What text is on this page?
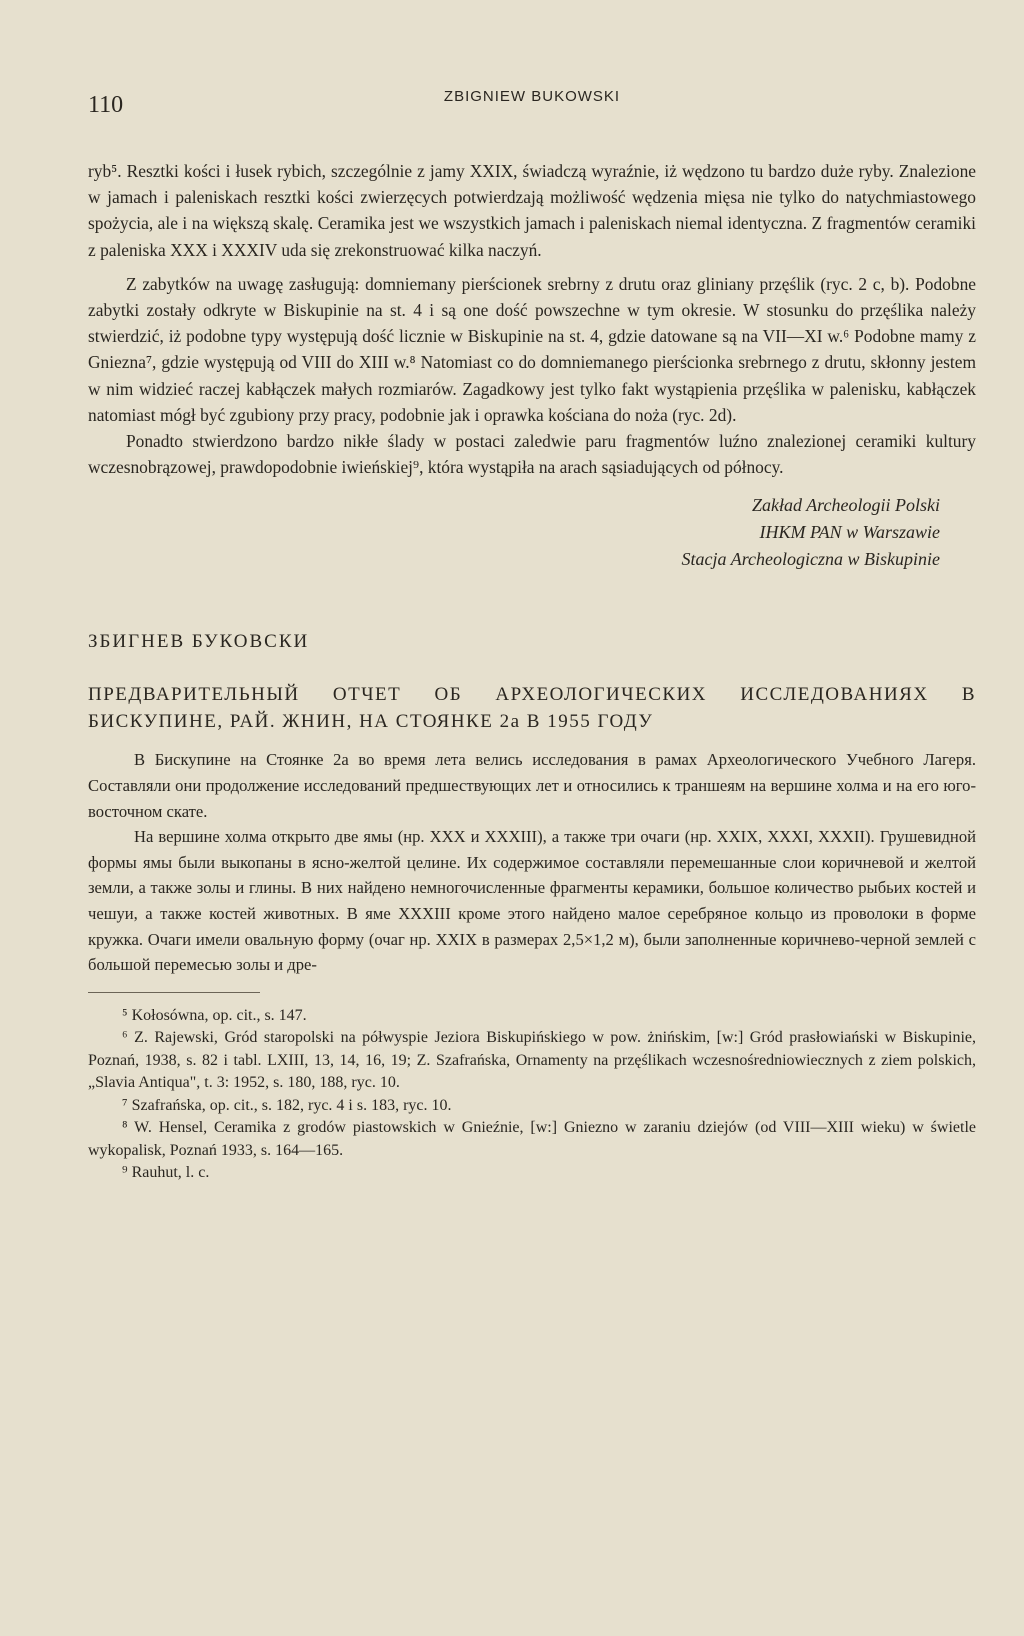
110	ZBIGNIEW BUKOWSKI

ryb⁵. Resztki kości i łusek rybich, szczególnie z jamy XXIX, świadczą wyraźnie, iż wędzono tu bardzo duże ryby. Znalezione w jamach i paleniskach resztki kości zwierzęcych potwierdzają możliwość wędzenia mięsa nie tylko do natychmiastowego spożycia, ale i na większą skalę. Ceramika jest we wszystkich jamach i paleniskach niemal identyczna. Z fragmentów ceramiki z paleniska XXX i XXXIV uda się zrekonstruować kilka naczyń.

Z zabytków na uwagę zasługują: domniemany pierścionek srebrny z drutu oraz gliniany przęślik (ryc. 2 c, b). Podobne zabytki zostały odkryte w Biskupinie na st. 4 i są one dość powszechne w tym okresie. W stosunku do przęślika należy stwierdzić, iż podobne typy występują dość licznie w Biskupinie na st. 4, gdzie datowane są na VII—XI w.⁶ Podobne mamy z Gniezna⁷, gdzie występują od VIII do XIII w.⁸ Natomiast co do domniemanego pierścionka srebrnego z drutu, skłonny jestem w nim widzieć raczej kabłączek małych rozmiarów. Zagadkowy jest tylko fakt wystąpienia przęślika w palenisku, kabłączek natomiast mógł być zgubiony przy pracy, podobnie jak i oprawka kościana do noża (ryc. 2d).

Ponadto stwierdzono bardzo nikłe ślady w postaci zaledwie paru fragmentów luźno znalezionej ceramiki kultury wczesnobrązowej, prawdopodobnie iwieńskiej⁹, która wystąpiła na arach sąsiadujących od północy.

Zakład Archeologii Polski
IHKM PAN w Warszawie
Stacja Archeologiczna w Biskupinie
ЗБИГНЕВ БУКОВСКИ
ПРЕДВАРИТЕЛЬНЫЙ ОТЧЕТ ОБ АРХЕОЛОГИЧЕСКИХ ИССЛЕДОВАНИЯХ В БИСКУПИНЕ, РАЙ. ЖНИН, НА СТОЯНКЕ 2а В 1955 ГОДУ

В Бискупине на Стоянке 2а во время лета велись исследования в рамах Археологического Учебного Лагеря. Составляли они продолжение исследований предшествующих лет и относились к траншеям на вершине холма и на его юго-восточном скате.

На вершине холма открыто две ямы (нр. XXX и XXXIII), а также три очаги (нр. XXIX, XXXI, XXXII). Грушевидной формы ямы были выкопаны в ясно-желтой целине. Их содержимое составляли перемешанные слои коричневой и желтой земли, а также золы и глины. В них найдено немногочисленные фрагменты керамики, большое количество рыбьих костей и чешуи, а также костей животных. В яме XXXIII кроме этого найдено малое серебряное кольцо из проволоки в форме кружка. Очаги имели овальную форму (очаг нр. XXIX в размерах 2,5×1,2 м), были заполненные коричнево-черной землей с большой перемесью золы и дре-

⁵ Kołosówna, op. cit., s. 147.

⁶ Z. Rajewski, Gród staropolski na półwyspie Jeziora Biskupińskiego w pow. żnińskim, [w:] Gród prasłowiański w Biskupinie, Poznań, 1938, s. 82 i tabl. LXIII, 13, 14, 16, 19; Z. Szafrańska, Ornamenty na przęślikach wczesnośredniowiecznych z ziem polskich, „Slavia Antiqua", t. 3: 1952, s. 180, 188, ryc. 10.

⁷ Szafrańska, op. cit., s. 182, ryc. 4 i s. 183, ryc. 10.

⁸ W. Hensel, Ceramika z grodów piastowskich w Gnieźnie, [w:] Gniezno w zaraniu dziejów (od VIII—XIII wieku) w świetle wykopalisk, Poznań 1933, s. 164—165.

⁹ Rauhut, l. c.
